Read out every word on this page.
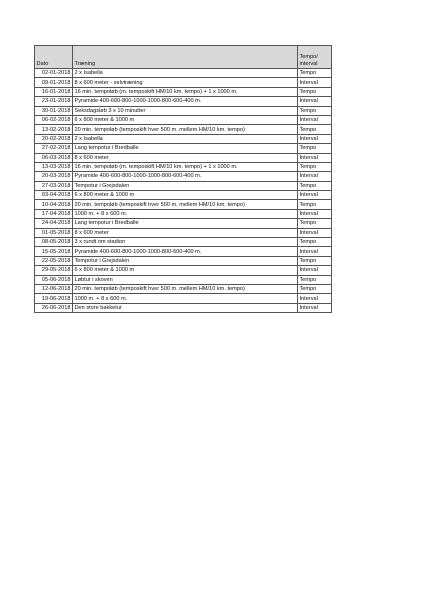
Dato	Træning	Tempo/ interval
02-01-2018	2 x Isabella	Tempo
09-01-2018	8 x 600 meter - selvtræning	Interval
16-01-2018	16 min. tempoløb (m. temposkift HM/10 km. tempo) + 1 x 1000 m.	Tempo
23-01-2018	Pyramide 400-600-800-1000-1000-800-600-400 m.	Interval
30-01-2018	Seksdagsløb 3 x 10 minutter	Tempo
06-02-2018	6 x 800 meter & 1000 m	Interval
13-02-2018	20 min. tempoløb (temposkift hver 500 m. mellem HM/10 km. tempo)	Tempo
20-02-2018	2 x Isabella	Interval
27-02-2018	Lang tempotur i Bredballe	Tempo
06-03-2018	8 x 600 meter	Interval
13-03-2018	16 min. tempoløb (m. temposkift HM/10 km. tempo) + 1 x 1000 m.	Tempo
20-03-2018	Pyramide 400-600-800-1000-1000-800-600-400 m.	Interval
27-03-2018	Tempotur i Grejsdalen	Tempo
03-04-2018	6 x 800 meter & 1000 m	Interval
10-04-2018	20 min. tempoløb (temposkift hver 500 m. mellem HM/10 km. tempo)	Tempo
17-04-2018	1000 m. + 8 x 600 m.	Interval
24-04-2018	Lang tempotur i Bredballe	Tempo
01-05-2018	8 x 600 meter	Interval
08-05-2018	3 x rundt om stadion	Tempo
15-05-2018	Pyramide 400-600-800-1000-1000-800-600-400 m.	Interval
22-05-2018	Tempotur i Grejsdalen	Tempo
29-05-2018	6 x 800 meter & 1000 m	Interval
05-06-2018	Løbtur i skoven	Tempo
12-06-2018	20 min. tempoløb (temposkift hver 500 m. mellem HM/10 km. tempo)	Tempo
19-06-2018	1000 m. + 8 x 600 m.	Interval
26-06-2018	Den store bakketur	Interval
